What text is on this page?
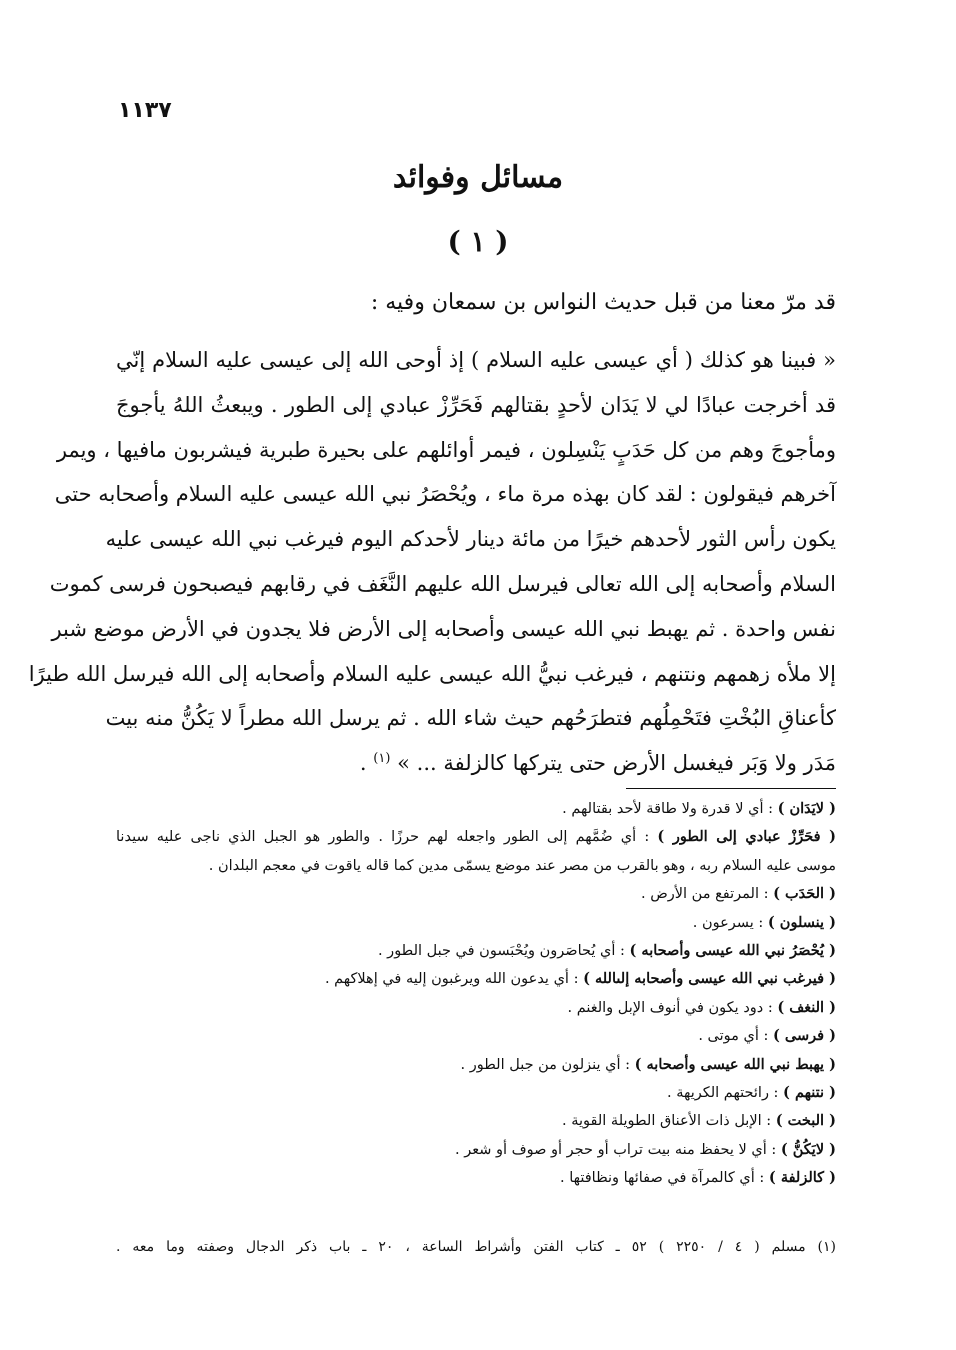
١١٣٧
مسائل وفوائد
( ١ )
قد مرّ معنا من قبل حديث النواس بن سمعان وفيه :
« فبينا هو كذلك ( أي عيسى عليه السلام ) إذ أوحى الله إلى عيسى عليه السلام إنّي
قد أخرجت عبادًا لي لا يَدَان لأحدٍ بقتالهم فَحَرِّزْ عبادي إلى الطور . ويبعثُ اللهُ يأجوجَ
ومأجوجَ وهم من كل حَدَبٍ يَنْسِلون ، فيمر أوائلهم على بحيرة طبرية فيشربون مافيها ، ويمر
آخرهم فيقولون : لقد كان بهذه مرة ماء ، ويُحْصَرُ نبي الله عيسى عليه السلام وأصحابه حتى
يكون رأس الثور لأحدهم خيرًا من مائة دينار لأحدكم اليوم فيرغب نبي الله عيسى عليه
السلام وأصحابه إلى الله تعالى فيرسل الله عليهم النَّغَف في رقابهم فيصبحون فرسى كموت
نفس واحدة . ثم يهبط نبي الله عيسى وأصحابه إلى الأرض فلا يجدون في الأرض موضع شبر
إلا ملأه زهمهم ونتنهم ، فيرغب نبيُّ الله عيسى عليه السلام وأصحابه إلى الله فيرسل الله طيرًا
كأعناقِ البُخْتِ فتَحْمِلُهم فتطرَحُهم حيث شاء الله . ثم يرسل الله مطراً لا يَكُنُّ منه بيت
مَدَر ولا وَبَر فيغسل الأرض حتى يتركها كالزلفة ... » $^{(١)}$ .
( لايَدَان ) : أي لا قدرة ولا طاقة لأحد بقتالهم .
( فحَرِّزْ عبادي إلى الطور ) : أي ضُمَّهم إلى الطور واجعله لهم حرزًا . والطور هو الجبل الذي ناجى عليه سيدنا
موسى عليه السلام ربه ، وهو بالقرب من مصر عند موضع يسمّى مدين كما قاله ياقوت في معجم البلدان .
( الحَدَب ) : المرتفع من الأرض .
( ينسلون ) : يسرعون .
( يُحْصَرُ نبي الله عيسى وأصحابه ) : أي يُحاصَرون ويُحْبَسون في جبل الطور .
( فيرغب نبي الله عيسى وأصحابه إلىالله ) : أي يدعون الله ويرغبون إليه في إهلاكهم .
( النغف ) : دود يكون في أنوف الإبل والغنم .
( فرسى ) : أي موتى .
( يهبط نبي الله عيسى وأصحابه ) : أي ينزلون من جبل الطور .
( نتنهم ) : رائحتهم الكريهة .
( البخت ) : الإبل ذات الأعناق الطويلة القوية .
( لايَكُنُّ ) : أي لا يحفظ منه بيت تراب أو حجر أو صوف أو شعر .
( كالزلفة ) : أي كالمرآة في صفائها ونظافتها .
(١) مسلم ( ٤ / ٢٢٥٠ ) ٥٢ ـ كتاب الفتن وأشراط الساعة ، ٢٠ ـ باب ذكر الدجال وصفته وما معه .
